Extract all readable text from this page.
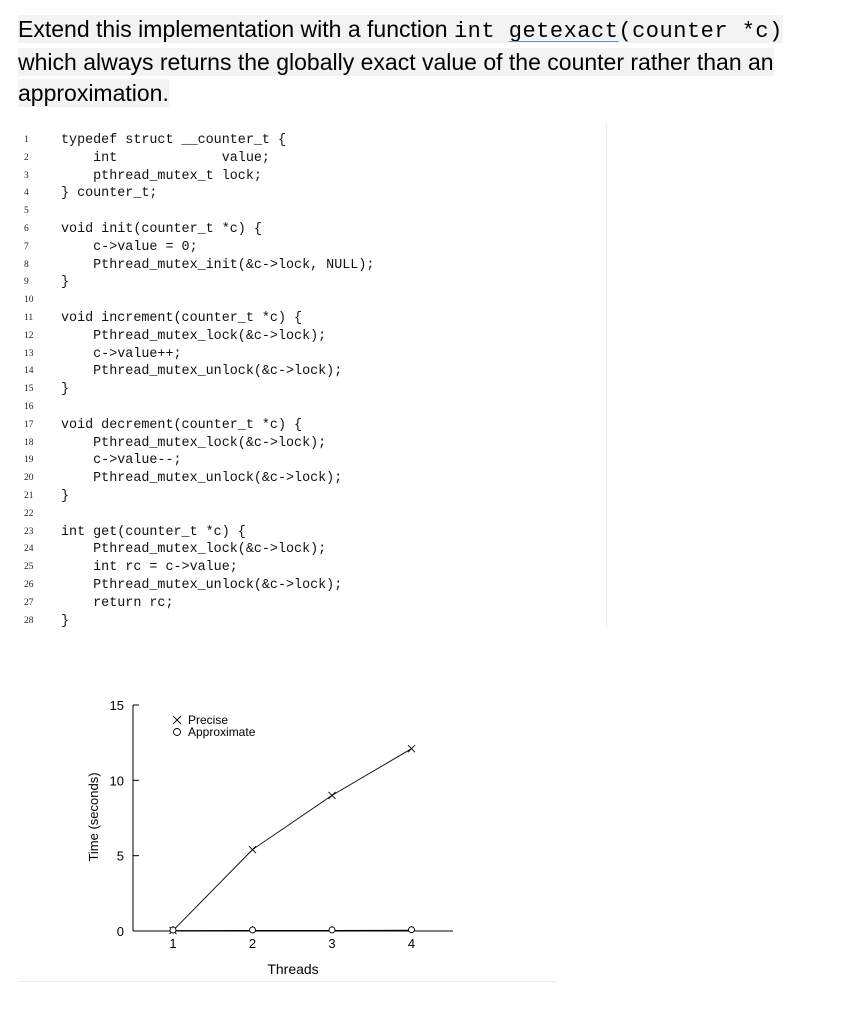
Extend this implementation with a function int getexact(counter *c)
which always returns the globally exact value of the counter rather than an
approximation.
1	typedef struct __counter_t {
2	int             value;
3	pthread_mutex_t lock;
4	} counter_t;
5
6	void init(counter_t *c) {
7	c->value = 0;
8	Pthread_mutex_init(&c->lock, NULL);
9	}
10
11	void increment(counter_t *c) {
12	Pthread_mutex_lock(&c->lock);
13	c->value++;
14	Pthread_mutex_unlock(&c->lock);
15	}
16
17	void decrement(counter_t *c) {
18	Pthread_mutex_lock(&c->lock);
19	c->value--;
20	Pthread_mutex_unlock(&c->lock);
21	}
22
23	int get(counter_t *c) {
24	Pthread_mutex_lock(&c->lock);
25	int rc = c->value;
26	Pthread_mutex_unlock(&c->lock);
27	return rc;
28	}
0
5
10
15
1	2	3	4
Precise
Approximate
Time (seconds)
Threads
